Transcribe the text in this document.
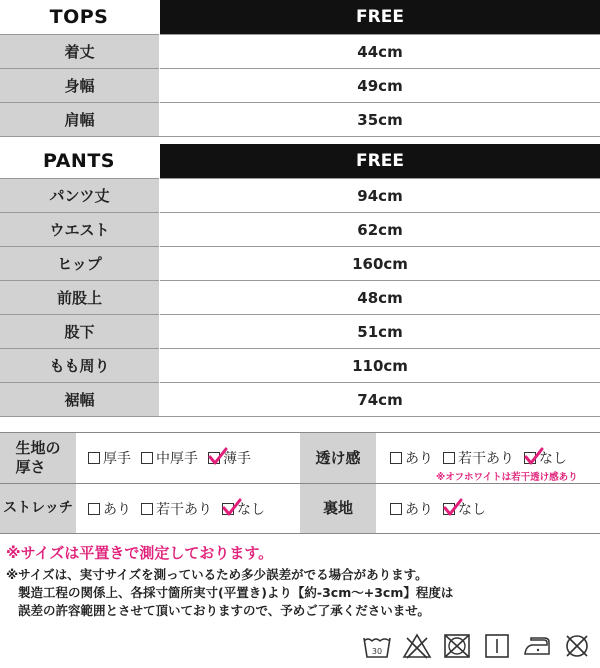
TOPS	FREE
着丈	44cm
身幅	49cm
肩幅	35cm
PANTS	FREE
パンツ丈	94cm
ウエスト	62cm
ヒップ	160cm
前股上	48cm
股下	51cm
もも周り	110cm
裾幅	74cm
生地の
厚さ	厚手 中厚手 薄手	透け感	あり 若干あり なし
※オフホワイトは若干透け感あり
ストレッチ あり 若干あり なし	裏地	あり なし
※サイズは平置きで測定しております。
※サイズは、実寸サイズを測っているため多少誤差がでる場合があります。
製造工程の関係上、各採寸箇所実寸(平置き)より【約-3cm〜+3cm】程度は
誤差の許容範囲とさせて頂いておりますので、予めご了承くださいませ。
30
